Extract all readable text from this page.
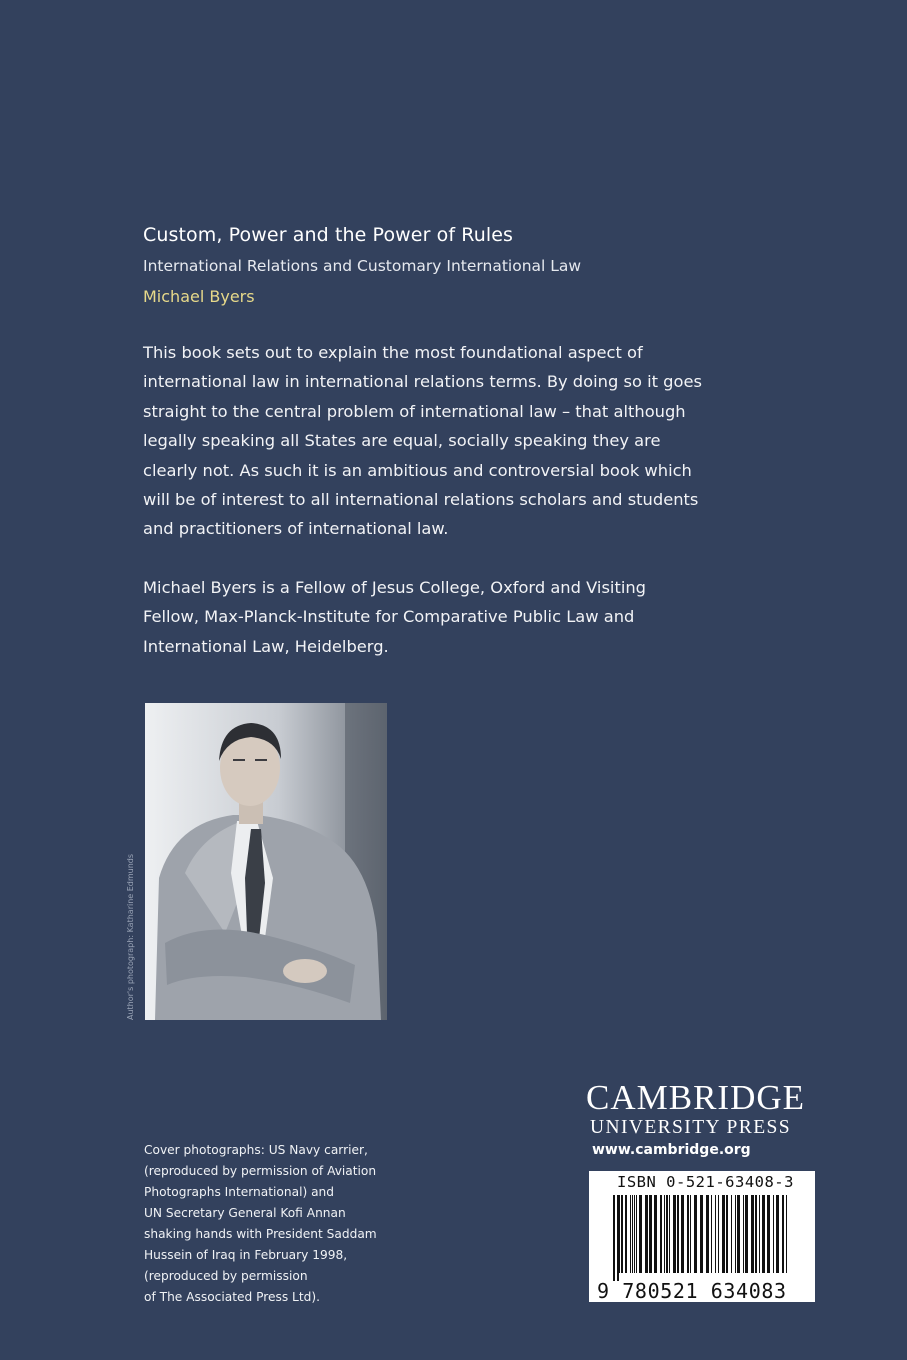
Custom, Power and the Power of Rules
International Relations and Customary International Law
Michael Byers

This book sets out to explain the most foundational aspect of international law in international relations terms. By doing so it goes straight to the central problem of international law – that although legally speaking all States are equal, socially speaking they are clearly not. As such it is an ambitious and controversial book which will be of interest to all international relations scholars and students and practitioners of international law.

Michael Byers is a Fellow of Jesus College, Oxford and Visiting Fellow, Max-Planck-Institute for Comparative Public Law and International Law, Heidelberg.

Author's photograph: Katharine Edmunds
Cover photographs: US Navy carrier,
(reproduced by permission of Aviation
Photographs International) and
UN Secretary General Kofi Annan
shaking hands with President Saddam
Hussein of Iraq in February 1998,
(reproduced by permission
of The Associated Press Ltd).
CAMBRIDGE
UNIVERSITY PRESS
www.cambridge.org
ISBN 0-521-63408-3
9 780521 634083
